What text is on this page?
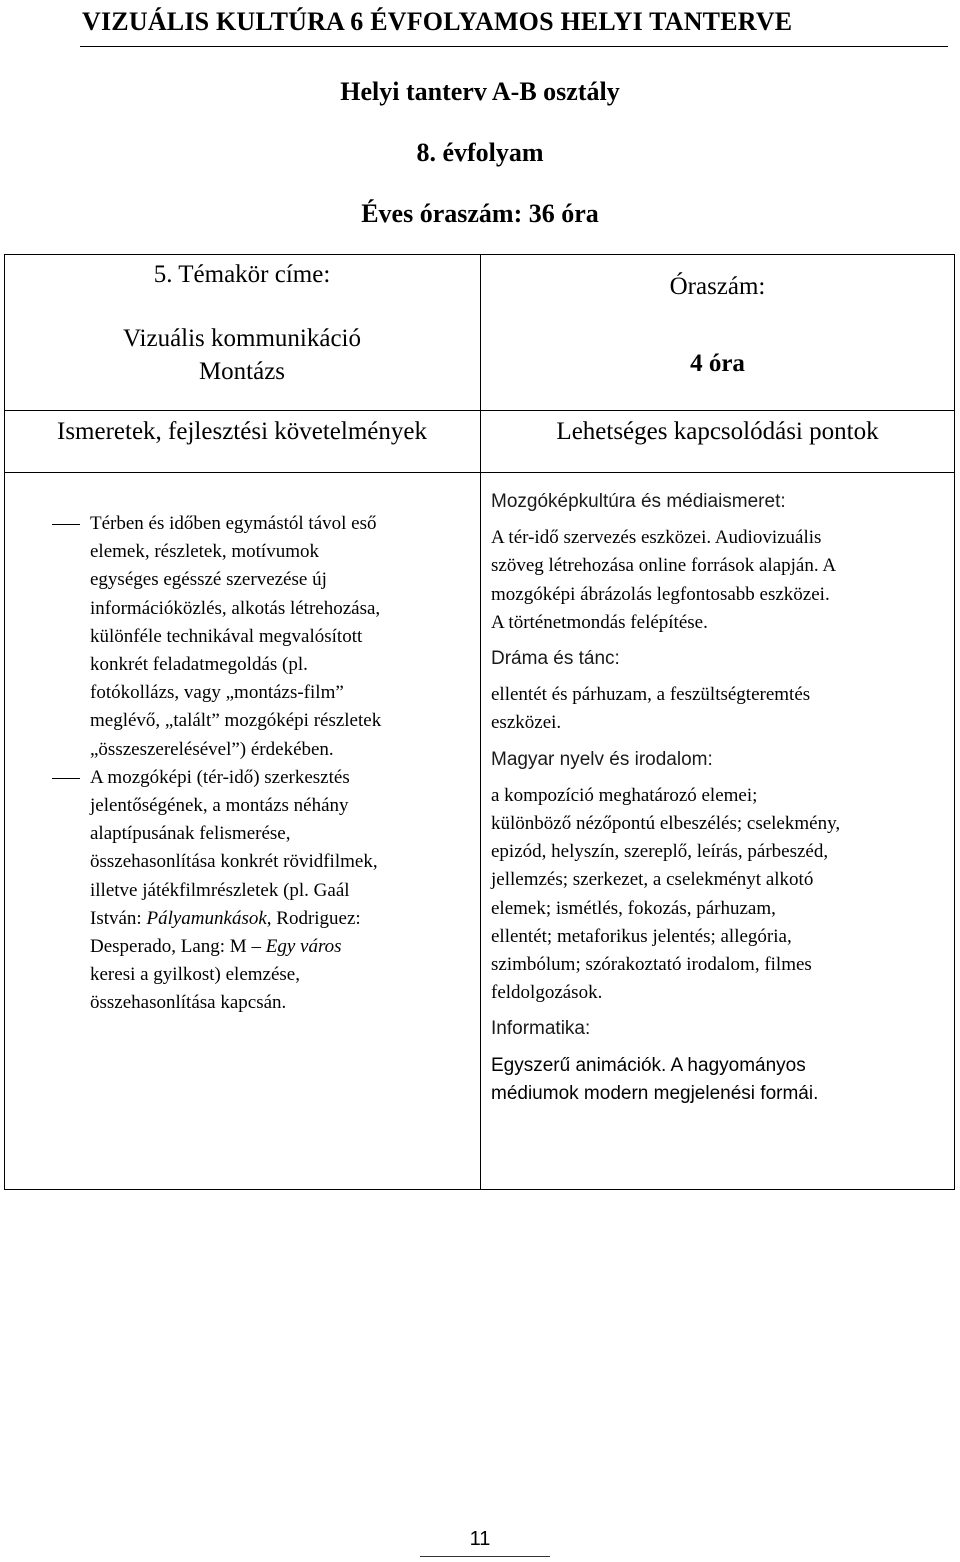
VIZUÁLIS KULTÚRA 6 ÉVFOLYAMOS HELYI TANTERVE
Helyi tanterv A-B osztály
8. évfolyam
Éves óraszám: 36 óra
5. Témakör címe:
Vizuális kommunikáció
Montázs
Óraszám:
4 óra
Ismeretek, fejlesztési követelmények	Lehetséges kapcsolódási pontok
Térben és időben egymástól távol eső
elemek, részletek, motívumok
egységes egésszé szervezése új
információközlés, alkotás létrehozása,
különféle technikával megvalósított
konkrét feladatmegoldás (pl.
fotókollázs, vagy „montázs-film”
meglévő, „talált” mozgóképi részletek
„összeszerelésével”) érdekében.
A mozgóképi (tér-idő) szerkesztés
jelentőségének, a montázs néhány
alaptípusának felismerése,
összehasonlítása konkrét rövidfilmek,
illetve játékfilmrészletek (pl. Gaál
István: Pályamunkások, Rodriguez:
Desperado, Lang: M – Egy város
keresi a gyilkost) elemzése,
összehasonlítása kapcsán.
Mozgóképkultúra és médiaismeret:
A tér-idő szervezés eszközei. Audiovizuális
szöveg létrehozása online források alapján. A
mozgóképi ábrázolás legfontosabb eszközei.
A történetmondás felépítése.
Dráma és tánc:
ellentét és párhuzam, a feszültségteremtés
eszközei.
Magyar nyelv és irodalom:
a kompozíció meghatározó elemei;
különböző nézőpontú elbeszélés; cselekmény,
epizód, helyszín, szereplő, leírás, párbeszéd,
jellemzés; szerkezet, a cselekményt alkotó
elemek; ismétlés, fokozás, párhuzam,
ellentét; metaforikus jelentés; allegória,
szimbólum; szórakoztató irodalom, filmes
feldolgozások.
Informatika:
Egyszerű animációk. A hagyományos
médiumok modern megjelenési formái.
11
